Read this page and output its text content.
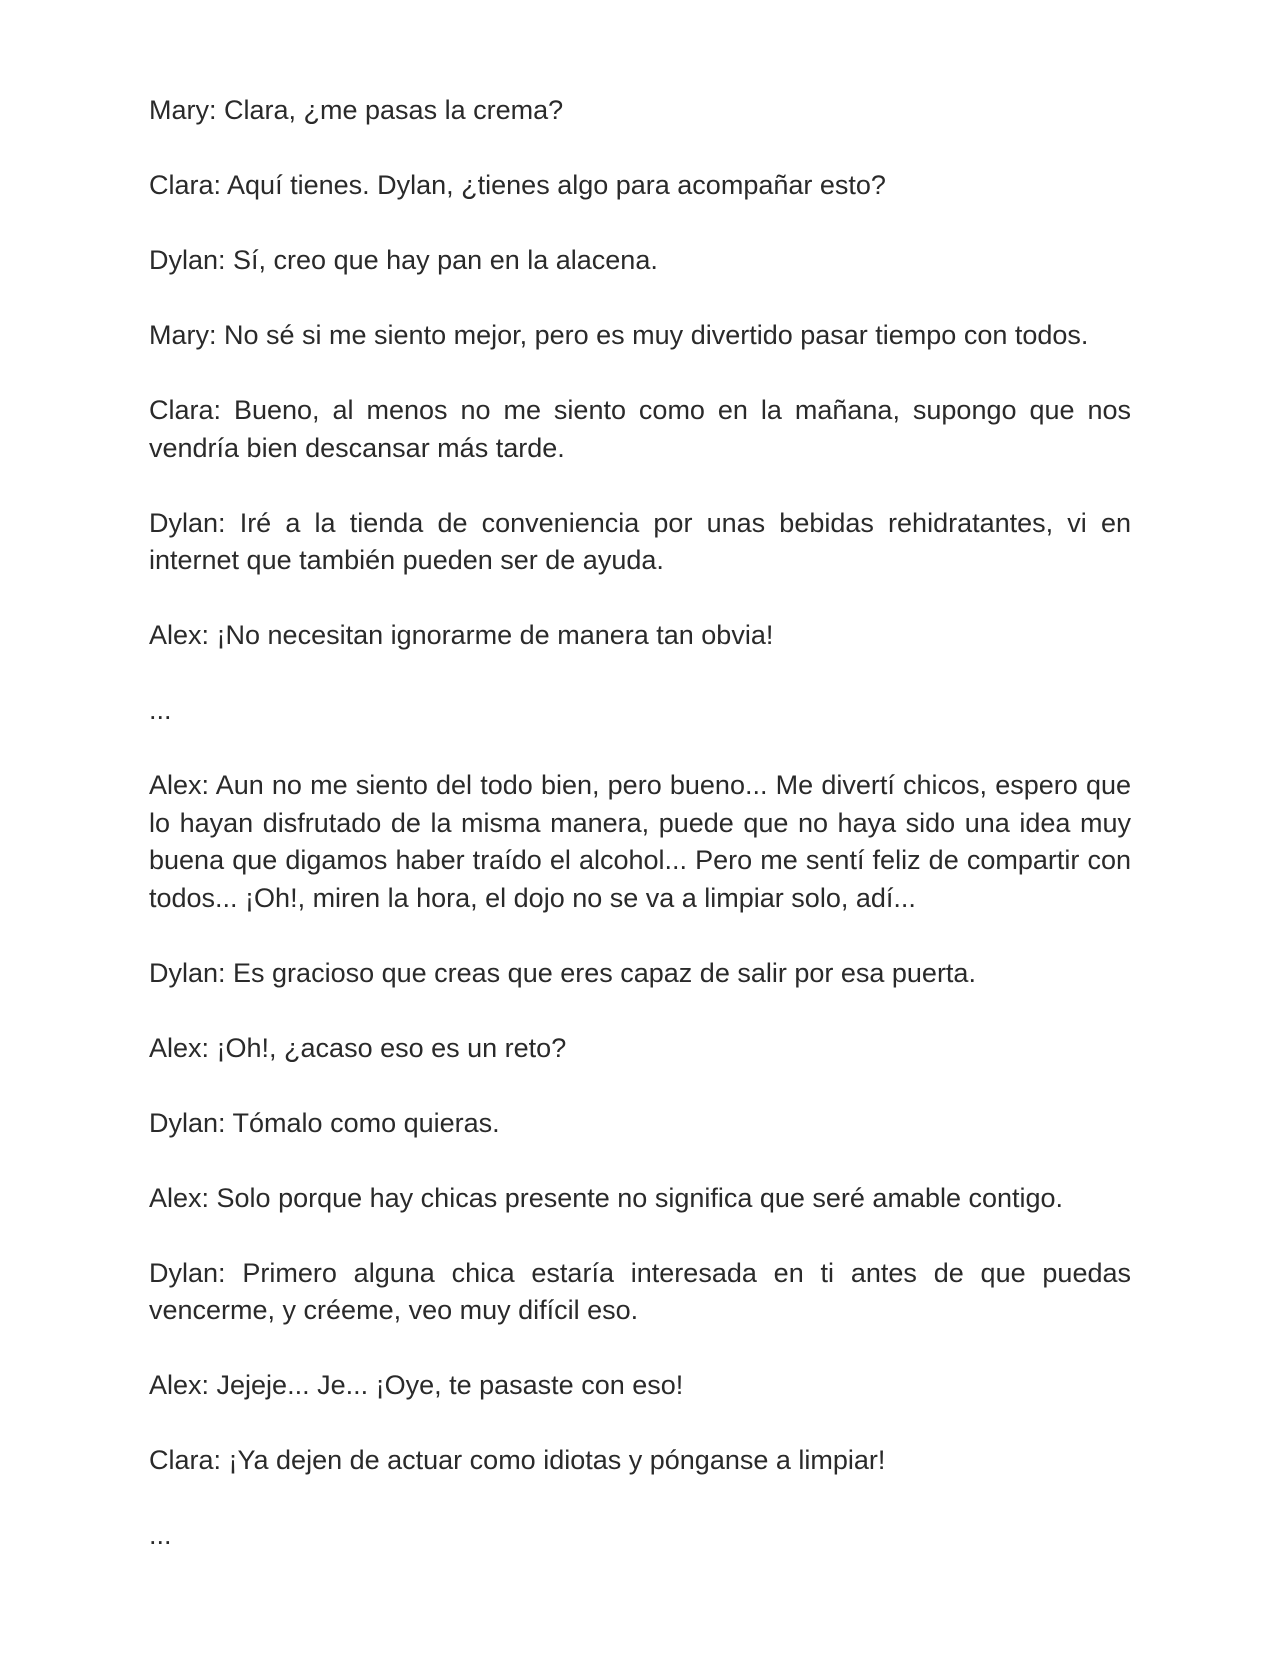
Mary: Clara, ¿me pasas la crema?

Clara: Aquí tienes. Dylan, ¿tienes algo para acompañar esto?

Dylan: Sí, creo que hay pan en la alacena.

Mary: No sé si me siento mejor, pero es muy divertido pasar tiempo con todos.

Clara: Bueno, al menos no me siento como en la mañana, supongo que nos vendría bien descansar más tarde.

Dylan: Iré a la tienda de conveniencia por unas bebidas rehidratantes, vi en internet que también pueden ser de ayuda.

Alex: ¡No necesitan ignorarme de manera tan obvia!

...

Alex: Aun no me siento del todo bien, pero bueno... Me divertí chicos, espero que lo hayan disfrutado de la misma manera, puede que no haya sido una idea muy buena que digamos haber traído el alcohol... Pero me sentí feliz de compartir con todos... ¡Oh!, miren la hora, el dojo no se va a limpiar solo, adí...

Dylan: Es gracioso que creas que eres capaz de salir por esa puerta.

Alex: ¡Oh!, ¿acaso eso es un reto?

Dylan: Tómalo como quieras.

Alex: Solo porque hay chicas presente no significa que seré amable contigo.

Dylan: Primero alguna chica estaría interesada en ti antes de que puedas vencerme, y créeme, veo muy difícil eso.

Alex: Jejeje... Je... ¡Oye, te pasaste con eso!

Clara: ¡Ya dejen de actuar como idiotas y pónganse a limpiar!

...
